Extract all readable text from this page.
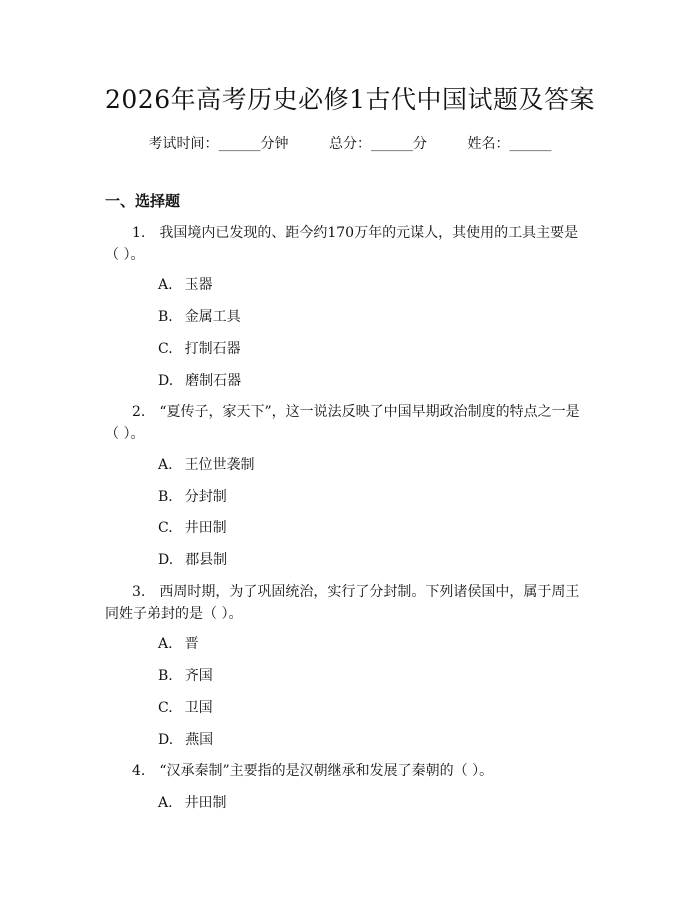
2026年高考历史必修1古代中国试题及答案
考试时间：______分钟	总分：______分	姓名：______
一、选择题
1. 我国境内已发现的、距今约170万年的元谋人，其使用的工具主要是（ ）。
A. 玉器
B. 金属工具
C. 打制石器
D. 磨制石器
2. “夏传子，家天下”，这一说法反映了中国早期政治制度的特点之一是（ ）。
A. 王位世袭制
B. 分封制
C. 井田制
D. 郡县制
3. 西周时期，为了巩固统治，实行了分封制。下列诸侯国中，属于周王同姓子弟封的是（ ）。
A. 晋
B. 齐国
C. 卫国
D. 燕国
4. “汉承秦制”主要指的是汉朝继承和发展了秦朝的（ ）。
A. 井田制
